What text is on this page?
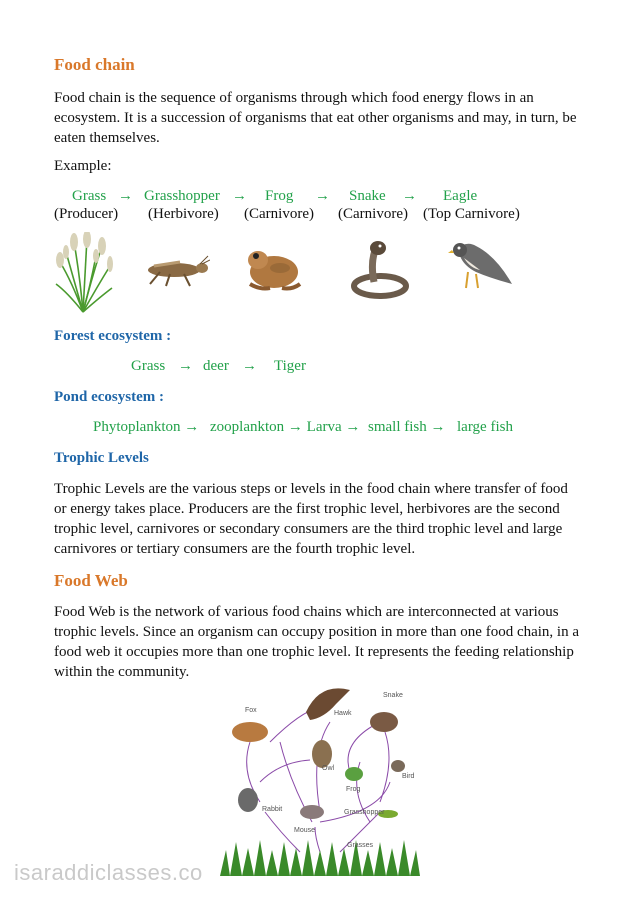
Food chain
Food chain is the sequence of organisms through which food energy flows in an ecosystem. It is a succession of organisms that eat other organisms and may, in turn, be eaten themselves.
Example:
Grass → Grasshopper → Frog → Snake → Eagle
(Producer) (Herbivore) (Carnivore) (Carnivore) (Top Carnivore)
Forest ecosystem :
Grass → deer → Tiger
Pond ecosystem :
Phytoplankton → zooplankton → Larva → small fish → large fish
Trophic Levels
Trophic Levels are the various steps or levels in the food chain where transfer of food or energy takes place. Producers are the first trophic level, herbivores are the second trophic level, carnivores or secondary consumers are the third trophic level and large carnivores or tertiary consumers are the fourth trophic level.
Food Web
Food Web is the network of various food chains which are interconnected at various trophic levels. Since an organism can occupy position in more than one food chain, in a food web it occupies more than one trophic level. It represents the feeding relationship within the community.
Fox	Hawk
Snake
Owl
Bird
Frog
Rabbit	Grasshopper
Mouse
Grasses
isaraddiclasses.co
